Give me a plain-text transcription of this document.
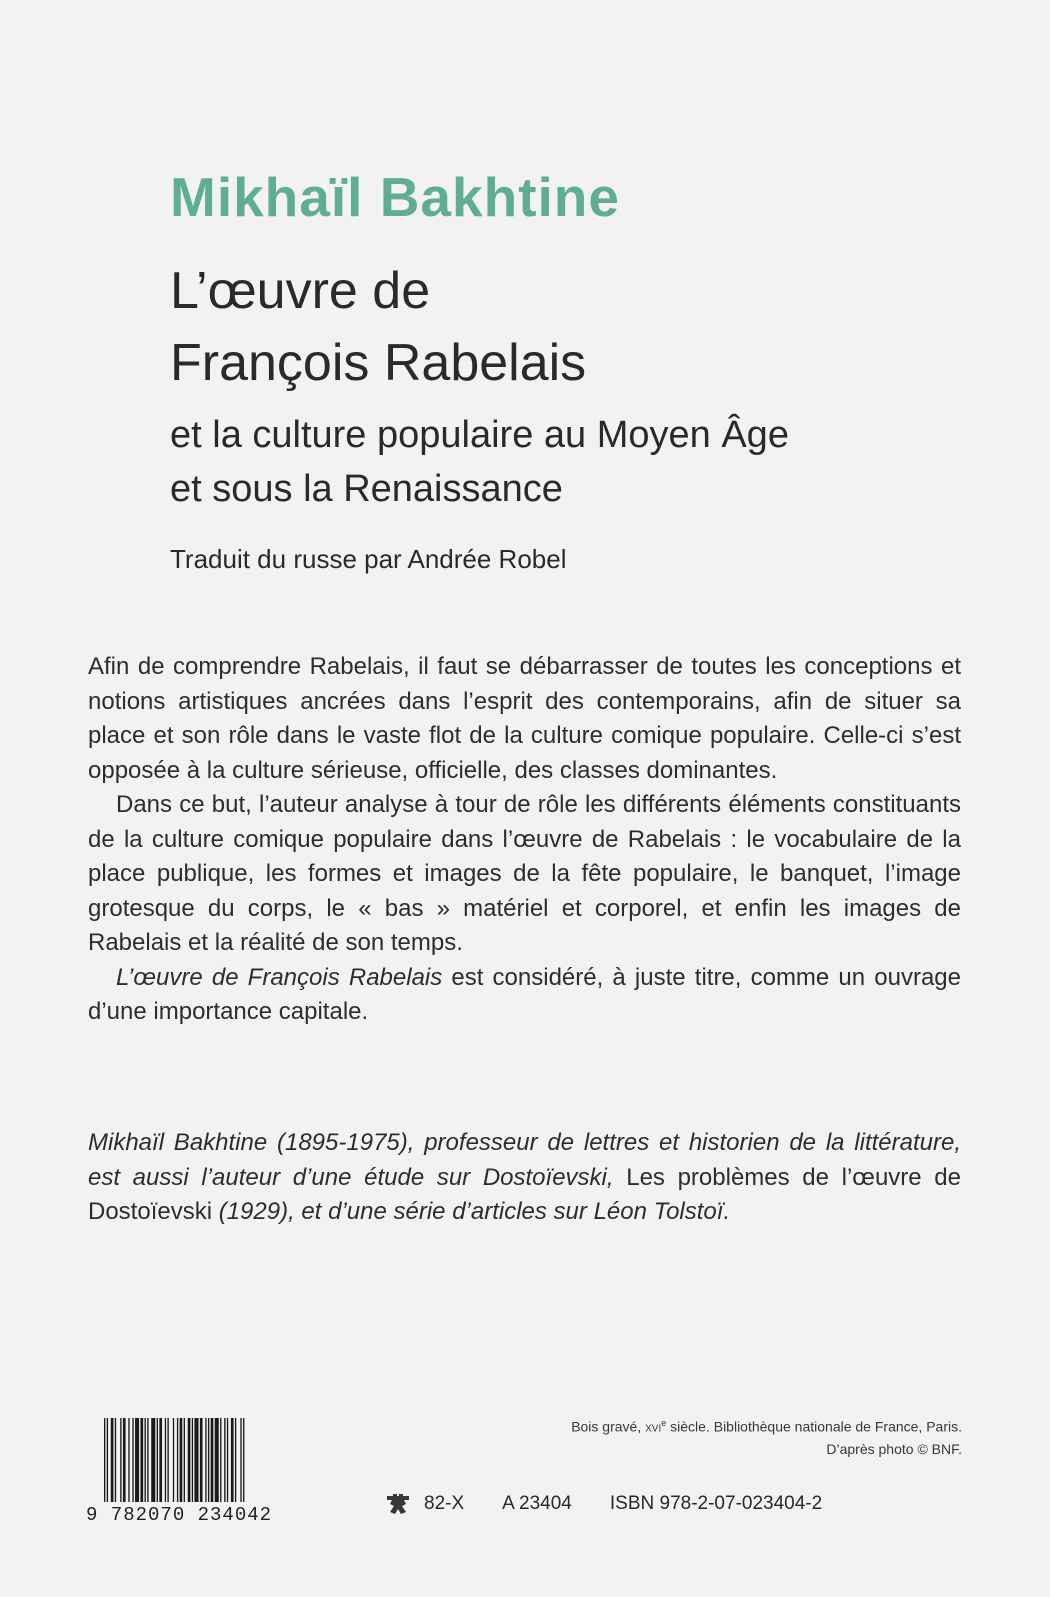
Mikhaïl Bakhtine
L’œuvre de
François Rabelais
et la culture populaire au Moyen Âge
et sous la Renaissance
Traduit du russe par Andrée Robel

Afin de comprendre Rabelais, il faut se débarrasser de toutes les conceptions et notions artistiques ancrées dans l’esprit des contemporains, afin de situer sa place et son rôle dans le vaste flot de la culture comique populaire. Celle-ci s’est opposée à la culture sérieuse, officielle, des classes dominantes.

Dans ce but, l’auteur analyse à tour de rôle les différents éléments constituants de la culture comique populaire dans l’œuvre de Rabelais : le vocabulaire de la place publique, les formes et images de la fête populaire, le banquet, l’image grotesque du corps, le « bas » matériel et corporel, et enfin les images de Rabelais et la réalité de son temps.

L’œuvre de François Rabelais est considéré, à juste titre, comme un ouvrage d’une importance capitale.

Mikhaïl Bakhtine (1895-1975), professeur de lettres et historien de la littérature, est aussi l’auteur d’une étude sur Dostoïevski, Les problèmes de l’œuvre de Dostoïevski (1929), et d’une série d’articles sur Léon Tolstoï.
Bois gravé, xvi$^e$ siècle. Bibliothèque nationale de France, Paris.
D’après photo © BNF.
9 782070 234042
82-X A 23404 ISBN 978-2-07-023404-2
